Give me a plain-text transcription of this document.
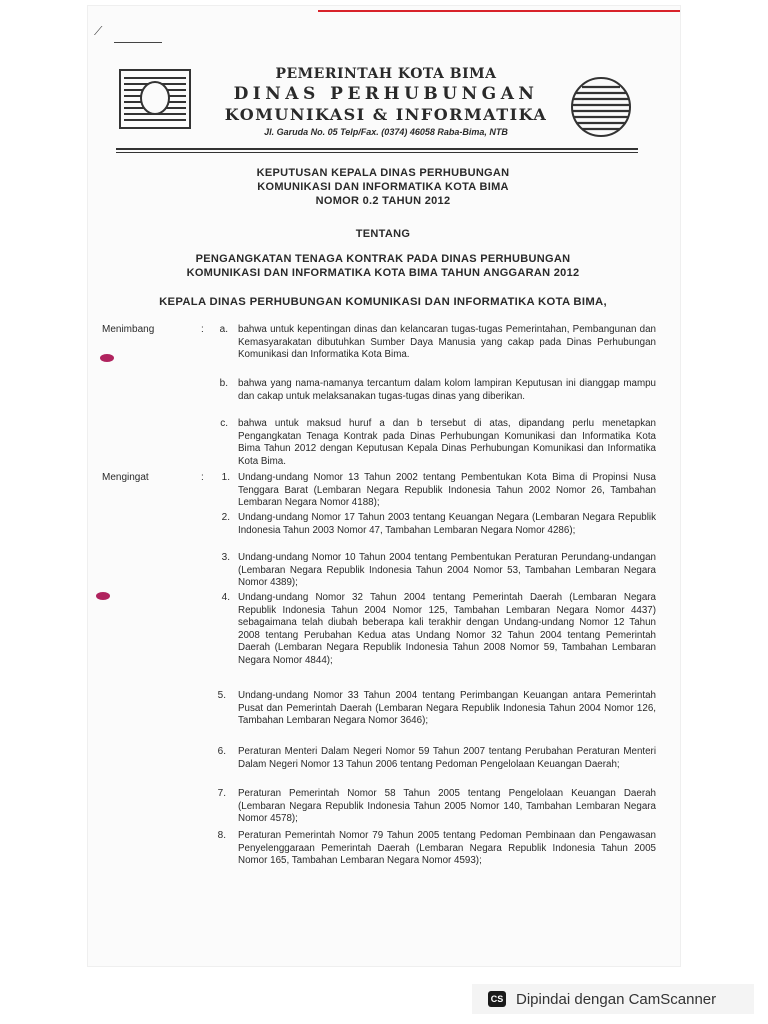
⟋
PEMERINTAH KOTA BIMA
DINAS PERHUBUNGAN
KOMUNIKASI & INFORMATIKA
Jl. Garuda No. 05 Telp/Fax. (0374) 46058 Raba-Bima, NTB
KEPUTUSAN KEPALA DINAS PERHUBUNGAN
KOMUNIKASI DAN INFORMATIKA KOTA BIMA
NOMOR 0.2 TAHUN 2012
TENTANG
PENGANGKATAN TENAGA KONTRAK PADA DINAS PERHUBUNGAN
KOMUNIKASI DAN INFORMATIKA KOTA BIMA TAHUN ANGGARAN 2012
KEPALA DINAS PERHUBUNGAN KOMUNIKASI DAN INFORMATIKA KOTA BIMA,
Menimbang	:	a. bahwa untuk kepentingan dinas dan kelancaran tugas-tugas Pemerintahan, Pembangunan dan Kemasyarakatan dibutuhkan Sumber Daya Manusia yang cakap pada Dinas Perhubungan Komunikasi dan Informatika Kota Bima.
b. bahwa yang nama-namanya tercantum dalam kolom lampiran Keputusan ini dianggap mampu dan cakap untuk melaksanakan tugas-tugas dinas yang diberikan.
c. bahwa untuk maksud huruf a dan b tersebut di atas, dipandang perlu menetapkan Pengangkatan Tenaga Kontrak pada Dinas Perhubungan Komunikasi dan Informatika Kota Bima Tahun 2012 dengan Keputusan Kepala Dinas Perhubungan Komunikasi dan Informatika Kota Bima.
Mengingat	:	1. Undang-undang Nomor 13 Tahun 2002 tentang Pembentukan Kota Bima di Propinsi Nusa Tenggara Barat (Lembaran Negara Republik Indonesia Tahun 2002 Nomor 26, Tambahan Lembaran Negara Nomor 4188);
2. Undang-undang Nomor 17 Tahun 2003 tentang Keuangan Negara (Lembaran Negara Republik Indonesia Tahun 2003 Nomor 47, Tambahan Lembaran Negara Nomor 4286);
3. Undang-undang Nomor 10 Tahun 2004 tentang Pembentukan Peraturan Perundang-undangan (Lembaran Negara Republik Indonesia Tahun 2004 Nomor 53, Tambahan Lembaran Negara Nomor 4389);
4. Undang-undang Nomor 32 Tahun 2004 tentang Pemerintah Daerah (Lembaran Negara Republik Indonesia Tahun 2004 Nomor 125, Tambahan Lembaran Negara Nomor 4437) sebagaimana telah diubah beberapa kali terakhir dengan Undang-undang Nomor 12 Tahun 2008 tentang Perubahan Kedua atas Undang Nomor 32 Tahun 2004 tentang Pemerintah Daerah (Lembaran Negara Republik Indonesia Tahun 2008 Nomor 59, Tambahan Lembaran Negara Nomor 4844);
5. Undang-undang Nomor 33 Tahun 2004 tentang Perimbangan Keuangan antara Pemerintah Pusat dan Pemerintah Daerah (Lembaran Negara Republik Indonesia Tahun 2004 Nomor 126, Tambahan Lembaran Negara Nomor 3646);
6. Peraturan Menteri Dalam Negeri Nomor 59 Tahun 2007 tentang Perubahan Peraturan Menteri Dalam Negeri Nomor 13 Tahun 2006 tentang Pedoman Pengelolaan Keuangan Daerah;
7. Peraturan Pemerintah Nomor 58 Tahun 2005 tentang Pengelolaan Keuangan Daerah (Lembaran Negara Republik Indonesia Tahun 2005 Nomor 140, Tambahan Lembaran Negara Nomor 4578);
8. Peraturan Pemerintah Nomor 79 Tahun 2005 tentang Pedoman Pembinaan dan Pengawasan Penyelenggaraan Pemerintah Daerah (Lembaran Negara Republik Indonesia Tahun 2005 Nomor 165, Tambahan Lembaran Negara Nomor 4593);
CS Dipindai dengan CamScanner
